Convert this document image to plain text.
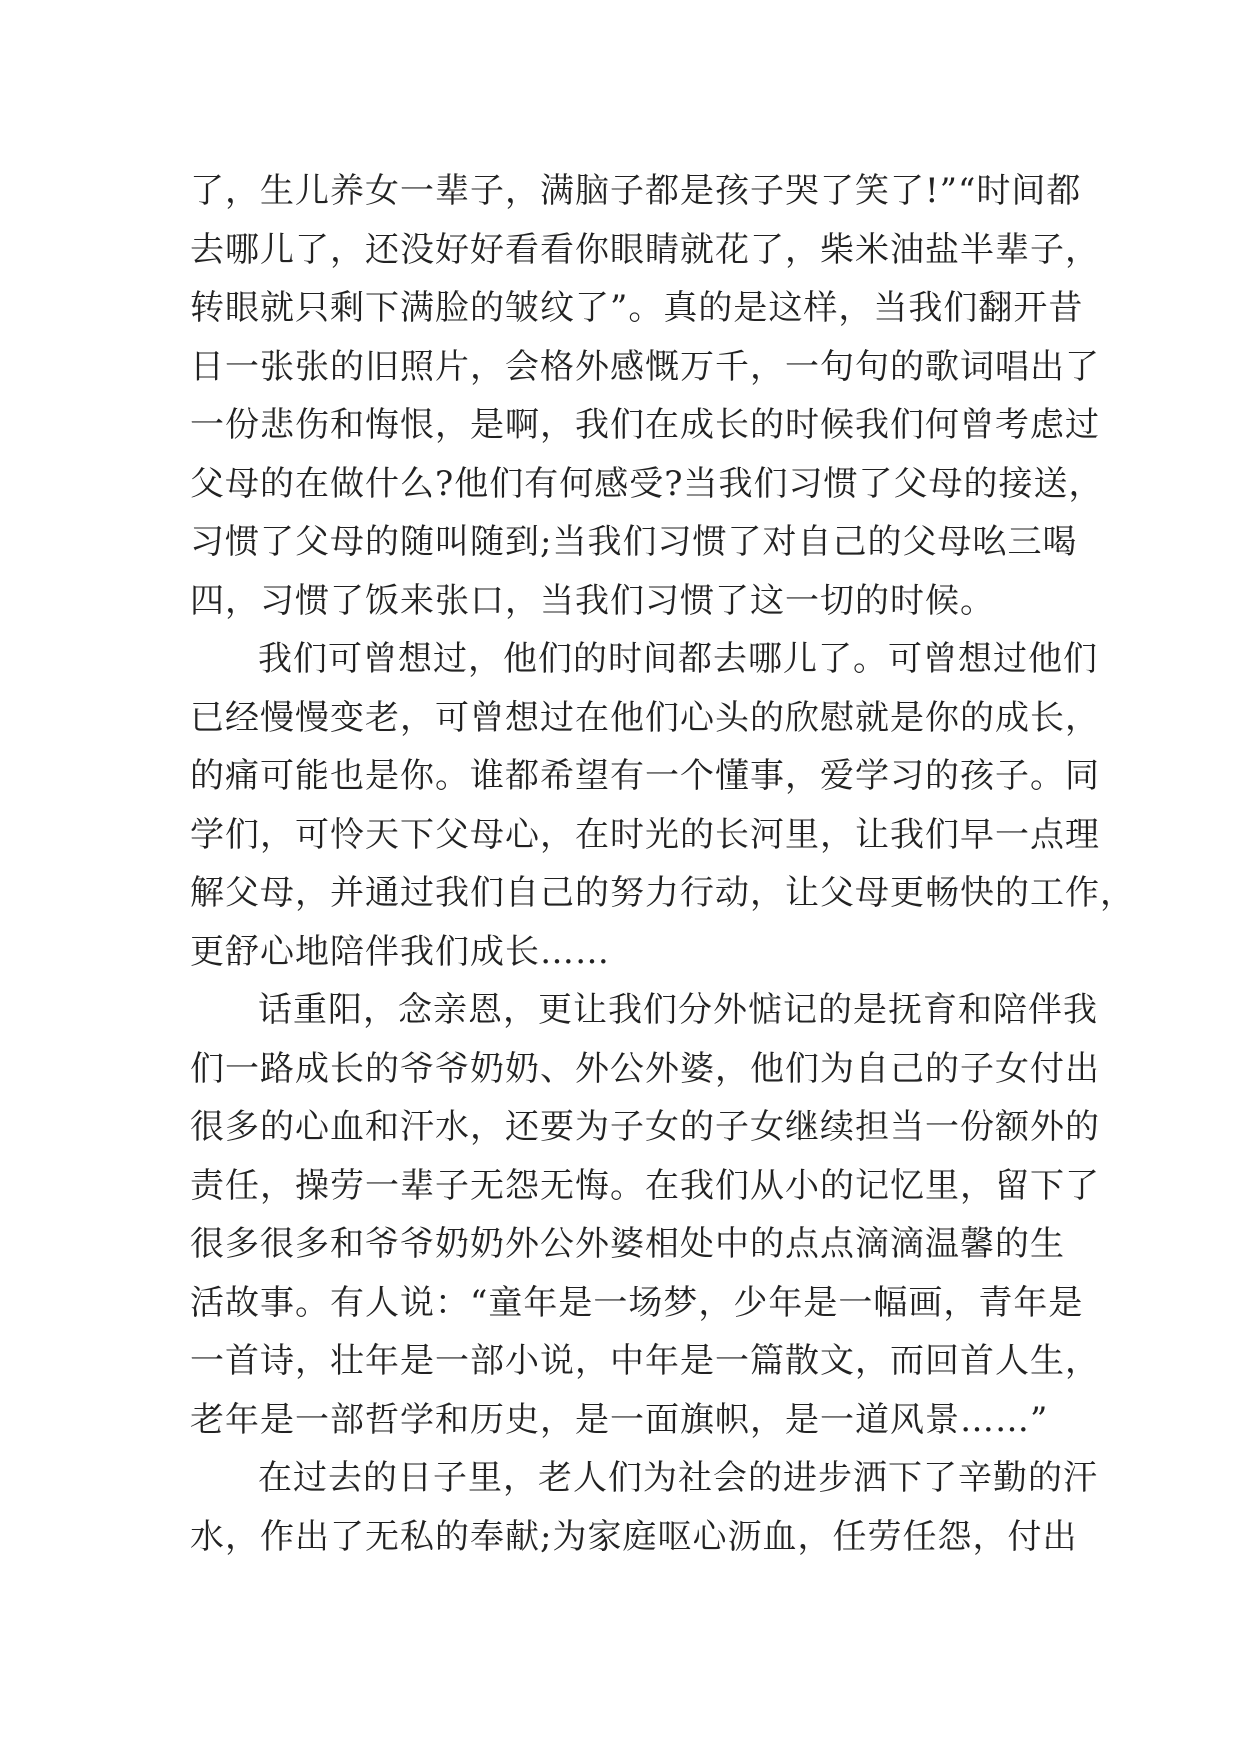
了，生儿养女一辈子，满脑子都是孩子哭了笑了!”“时间都
去哪儿了，还没好好看看你眼睛就花了，柴米油盐半辈子，
转眼就只剩下满脸的皱纹了”。真的是这样，当我们翻开昔
日一张张的旧照片，会格外感慨万千，一句句的歌词唱出了
一份悲伤和悔恨，是啊，我们在成长的时候我们何曾考虑过
父母的在做什么?他们有何感受?当我们习惯了父母的接送，
习惯了父母的随叫随到;当我们习惯了对自己的父母吆三喝
四，习惯了饭来张口，当我们习惯了这一切的时候。
我们可曾想过，他们的时间都去哪儿了。可曾想过他们
已经慢慢变老，可曾想过在他们心头的欣慰就是你的成长，
的痛可能也是你。谁都希望有一个懂事，爱学习的孩子。同
学们，可怜天下父母心，在时光的长河里，让我们早一点理
解父母，并通过我们自己的努力行动，让父母更畅快的工作，
更舒心地陪伴我们成长……
话重阳，念亲恩，更让我们分外惦记的是抚育和陪伴我
们一路成长的爷爷奶奶、外公外婆，他们为自己的子女付出
很多的心血和汗水，还要为子女的子女继续担当一份额外的
责任，操劳一辈子无怨无悔。在我们从小的记忆里，留下了
很多很多和爷爷奶奶外公外婆相处中的点点滴滴温馨的生
活故事。有人说：“童年是一场梦，少年是一幅画，青年是
一首诗，壮年是一部小说，中年是一篇散文，而回首人生，
老年是一部哲学和历史，是一面旗帜，是一道风景……”
在过去的日子里，老人们为社会的进步洒下了辛勤的汗
水，作出了无私的奉献;为家庭呕心沥血，任劳任怨，付出
